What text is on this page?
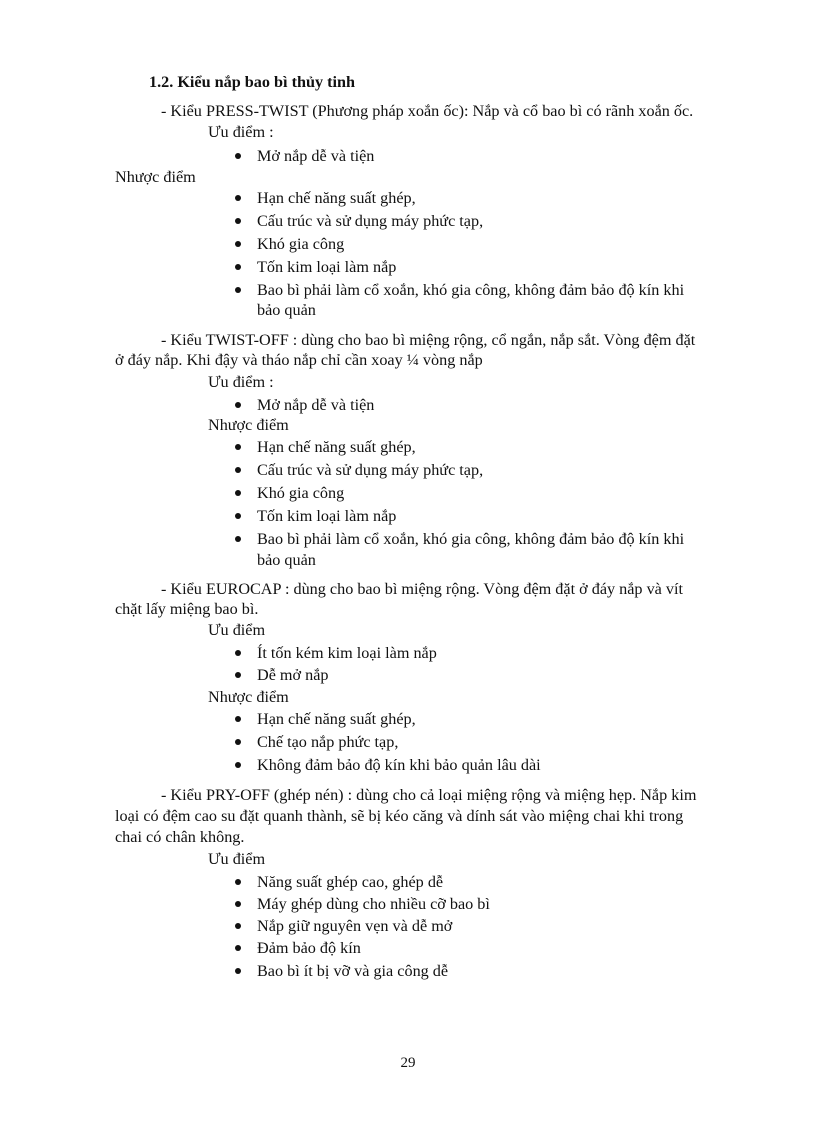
1.2. Kiểu nắp bao bì thủy tinh
- Kiểu PRESS-TWIST (Phương pháp xoắn ốc): Nắp và cổ bao bì có rãnh xoắn ốc.
Ưu điểm :
Mở nắp dễ và tiện
Nhược điểm
Hạn chế năng suất ghép,
Cấu trúc và sử dụng máy phức tạp,
Khó gia công
Tốn kim loại làm nắp
Bao bì phải làm cổ xoắn, khó gia công, không đảm bảo độ kín khi
bảo quản
- Kiểu TWIST-OFF : dùng cho bao bì miệng rộng, cổ ngắn, nắp sắt. Vòng đệm đặt
ở đáy nắp. Khi đậy và tháo nắp chỉ cần xoay ¼ vòng nắp
Ưu điểm :
Mở nắp dễ và tiện
Nhược điểm
Hạn chế năng suất ghép,
Cấu trúc và sử dụng máy phức tạp,
Khó gia công
Tốn kim loại làm nắp
Bao bì phải làm cổ xoắn, khó gia công, không đảm bảo độ kín khi
bảo quản
- Kiểu EUROCAP : dùng cho bao bì miệng rộng. Vòng đệm đặt ở đáy nắp và vít
chặt lấy miệng bao bì.
Ưu điểm
Ít tốn kém kim loại làm nắp
Dễ mở nắp
Nhược điểm
Hạn chế năng suất ghép,
Chế tạo nắp phức tạp,
Không đảm bảo độ kín khi bảo quản lâu dài
- Kiểu PRY-OFF (ghép nén) : dùng cho cả loại miệng rộng và miệng hẹp. Nắp kim
loại có đệm cao su đặt quanh thành, sẽ bị kéo căng và dính sát vào miệng chai khi trong
chai có chân không.
Ưu điểm
Năng suất ghép cao, ghép dễ
Máy ghép dùng cho nhiều cỡ bao bì
Nắp giữ nguyên vẹn và dễ mở
Đảm bảo độ kín
Bao bì ít bị vỡ và gia công dễ
29
